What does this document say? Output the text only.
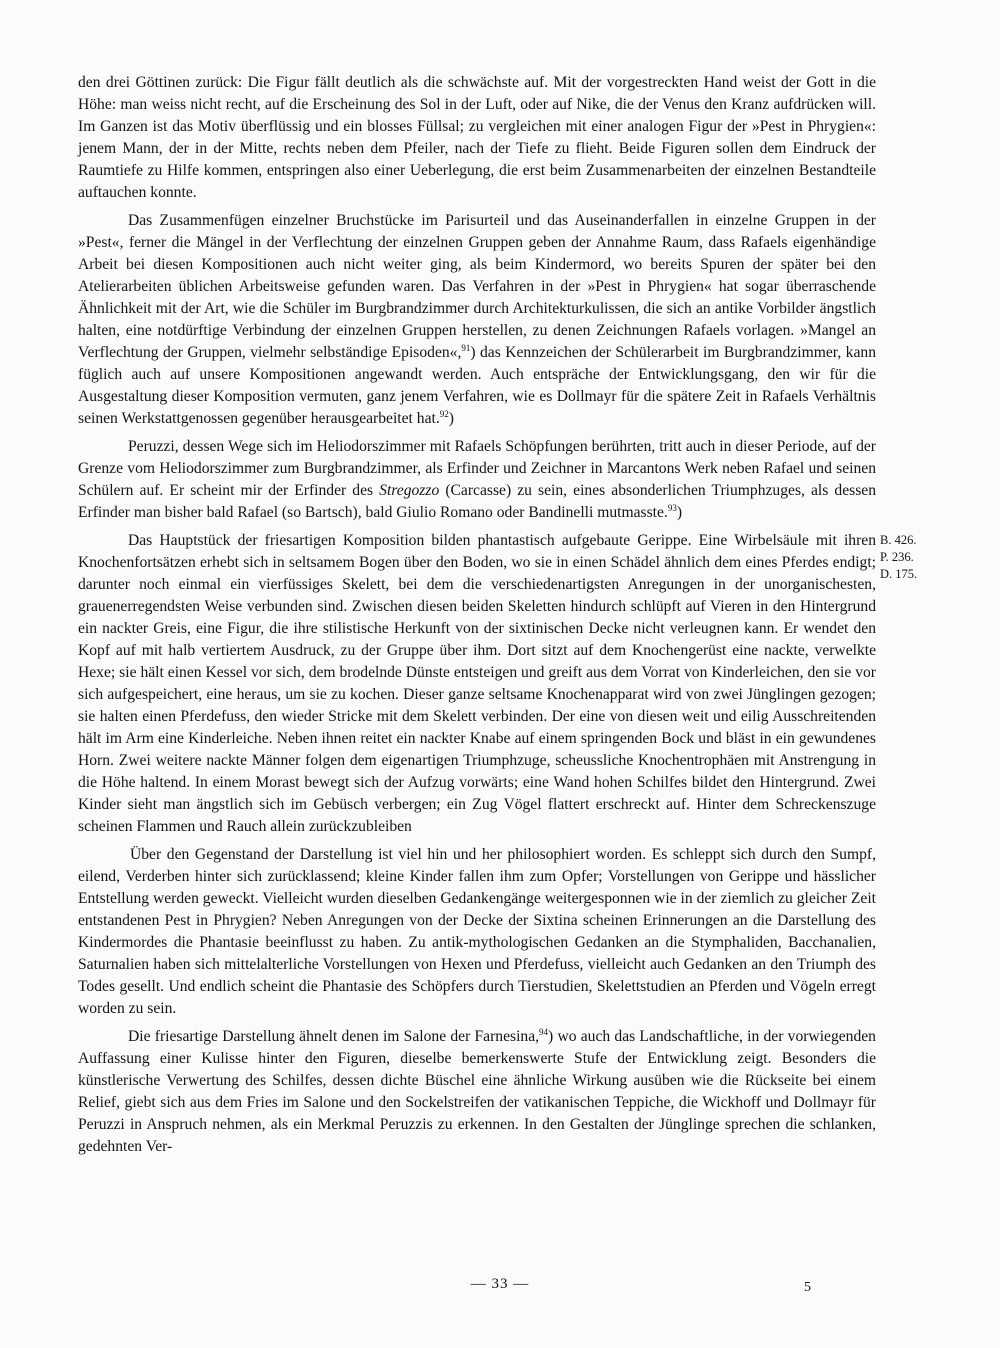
den drei Göttinen zurück: Die Figur fällt deutlich als die schwächste auf. Mit der vorgestreckten Hand weist der Gott in die Höhe: man weiss nicht recht, auf die Erscheinung des Sol in der Luft, oder auf Nike, die der Venus den Kranz aufdrücken will. Im Ganzen ist das Motiv überflüssig und ein blosses Füllsal; zu vergleichen mit einer analogen Figur der »Pest in Phrygien«: jenem Mann, der in der Mitte, rechts neben dem Pfeiler, nach der Tiefe zu flieht. Beide Figuren sollen dem Eindruck der Raumtiefe zu Hilfe kommen, entspringen also einer Ueberlegung, die erst beim Zusammenarbeiten der einzelnen Bestandteile auftauchen konnte.

Das Zusammenfügen einzelner Bruchstücke im Parisurteil und das Auseinanderfallen in einzelne Gruppen in der »Pest«, ferner die Mängel in der Verflechtung der einzelnen Gruppen geben der Annahme Raum, dass Rafaels eigenhändige Arbeit bei diesen Kompositionen auch nicht weiter ging, als beim Kindermord, wo bereits Spuren der später bei den Atelierarbeiten üblichen Arbeitsweise gefunden waren. Das Verfahren in der »Pest in Phrygien« hat sogar überraschende Ähnlichkeit mit der Art, wie die Schüler im Burgbrandzimmer durch Architekturkulissen, die sich an antike Vorbilder ängstlich halten, eine notdürftige Verbindung der einzelnen Gruppen herstellen, zu denen Zeichnungen Rafaels vorlagen. »Mangel an Verflechtung der Gruppen, vielmehr selbständige Episoden«,$^{91}$) das Kennzeichen der Schülerarbeit im Burgbrandzimmer, kann füglich auch auf unsere Kompositionen angewandt werden. Auch entspräche der Entwicklungsgang, den wir für die Ausgestaltung dieser Komposition vermuten, ganz jenem Verfahren, wie es Dollmayr für die spätere Zeit in Rafaels Verhältnis seinen Werkstattgenossen gegenüber herausgearbeitet hat.$^{92}$)

Peruzzi, dessen Wege sich im Heliodorszimmer mit Rafaels Schöpfungen berührten, tritt auch in dieser Periode, auf der Grenze vom Heliodorszimmer zum Burgbrandzimmer, als Erfinder und Zeichner in Marcantons Werk neben Rafael und seinen Schülern auf. Er scheint mir der Erfinder des Stregozzo (Carcasse) zu sein, eines absonderlichen Triumphzuges, als dessen Erfinder man bisher bald Rafael (so Bartsch), bald Giulio Romano oder Bandinelli mutmasste.$^{93}$)

Das Hauptstück der friesartigen Komposition bilden phantastisch aufgebaute Gerippe. Eine Wirbelsäule mit ihren Knochenfortsätzen erhebt sich in seltsamem Bogen über den Boden, wo sie in einen Schädel ähnlich dem eines Pferdes endigt; darunter noch einmal ein vierfüssiges Skelett, bei dem die verschiedenartigsten Anregungen in der unorganischesten, grauenerregendsten Weise verbunden sind. Zwischen diesen beiden Skeletten hindurch schlüpft auf Vieren in den Hintergrund ein nackter Greis, eine Figur, die ihre stilistische Herkunft von der sixtinischen Decke nicht verleugnen kann. Er wendet den Kopf auf mit halb vertiertem Ausdruck, zu der Gruppe über ihm. Dort sitzt auf dem Knochengerüst eine nackte, verwelkte Hexe; sie hält einen Kessel vor sich, dem brodelnde Dünste entsteigen und greift aus dem Vorrat von Kinderleichen, den sie vor sich aufgespeichert, eine heraus, um sie zu kochen. Dieser ganze seltsame Knochenapparat wird von zwei Jünglingen gezogen; sie halten einen Pferdefuss, den wieder Stricke mit dem Skelett verbinden. Der eine von diesen weit und eilig Ausschreitenden hält im Arm eine Kinderleiche. Neben ihnen reitet ein nackter Knabe auf einem springenden Bock und bläst in ein gewundenes Horn. Zwei weitere nackte Männer folgen dem eigenartigen Triumphzuge, scheussliche Knochentrophäen mit Anstrengung in die Höhe haltend. In einem Morast bewegt sich der Aufzug vorwärts; eine Wand hohen Schilfes bildet den Hintergrund. Zwei Kinder sieht man ängstlich sich im Gebüsch verbergen; ein Zug Vögel flattert erschreckt auf. Hinter dem Schreckenszuge scheinen Flammen und Rauch allein zurückzubleiben

Über den Gegenstand der Darstellung ist viel hin und her philosophiert worden. Es schleppt sich durch den Sumpf, eilend, Verderben hinter sich zurücklassend; kleine Kinder fallen ihm zum Opfer; Vorstellungen von Gerippe und hässlicher Entstellung werden geweckt. Vielleicht wurden dieselben Gedankengänge weitergesponnen wie in der ziemlich zu gleicher Zeit entstandenen Pest in Phrygien? Neben Anregungen von der Decke der Sixtina scheinen Erinnerungen an die Darstellung des Kindermordes die Phantasie beeinflusst zu haben. Zu antik-mythologischen Gedanken an die Stymphaliden, Bacchanalien, Saturnalien haben sich mittelalterliche Vorstellungen von Hexen und Pferdefuss, vielleicht auch Gedanken an den Triumph des Todes gesellt. Und endlich scheint die Phantasie des Schöpfers durch Tierstudien, Skelettstudien an Pferden und Vögeln erregt worden zu sein.

Die friesartige Darstellung ähnelt denen im Salone der Farnesina,$^{94}$) wo auch das Landschaftliche, in der vorwiegenden Auffassung einer Kulisse hinter den Figuren, dieselbe bemerkenswerte Stufe der Entwicklung zeigt. Besonders die künstlerische Verwertung des Schilfes, dessen dichte Büschel eine ähnliche Wirkung ausüben wie die Rückseite bei einem Relief, giebt sich aus dem Fries im Salone und den Sockelstreifen der vatikanischen Teppiche, die Wickhoff und Dollmayr für Peruzzi in Anspruch nehmen, als ein Merkmal Peruzzis zu erkennen. In den Gestalten der Jünglinge sprechen die schlanken, gedehnten Ver-

B. 426.
P. 236.
D. 175.
— 33 —	5
